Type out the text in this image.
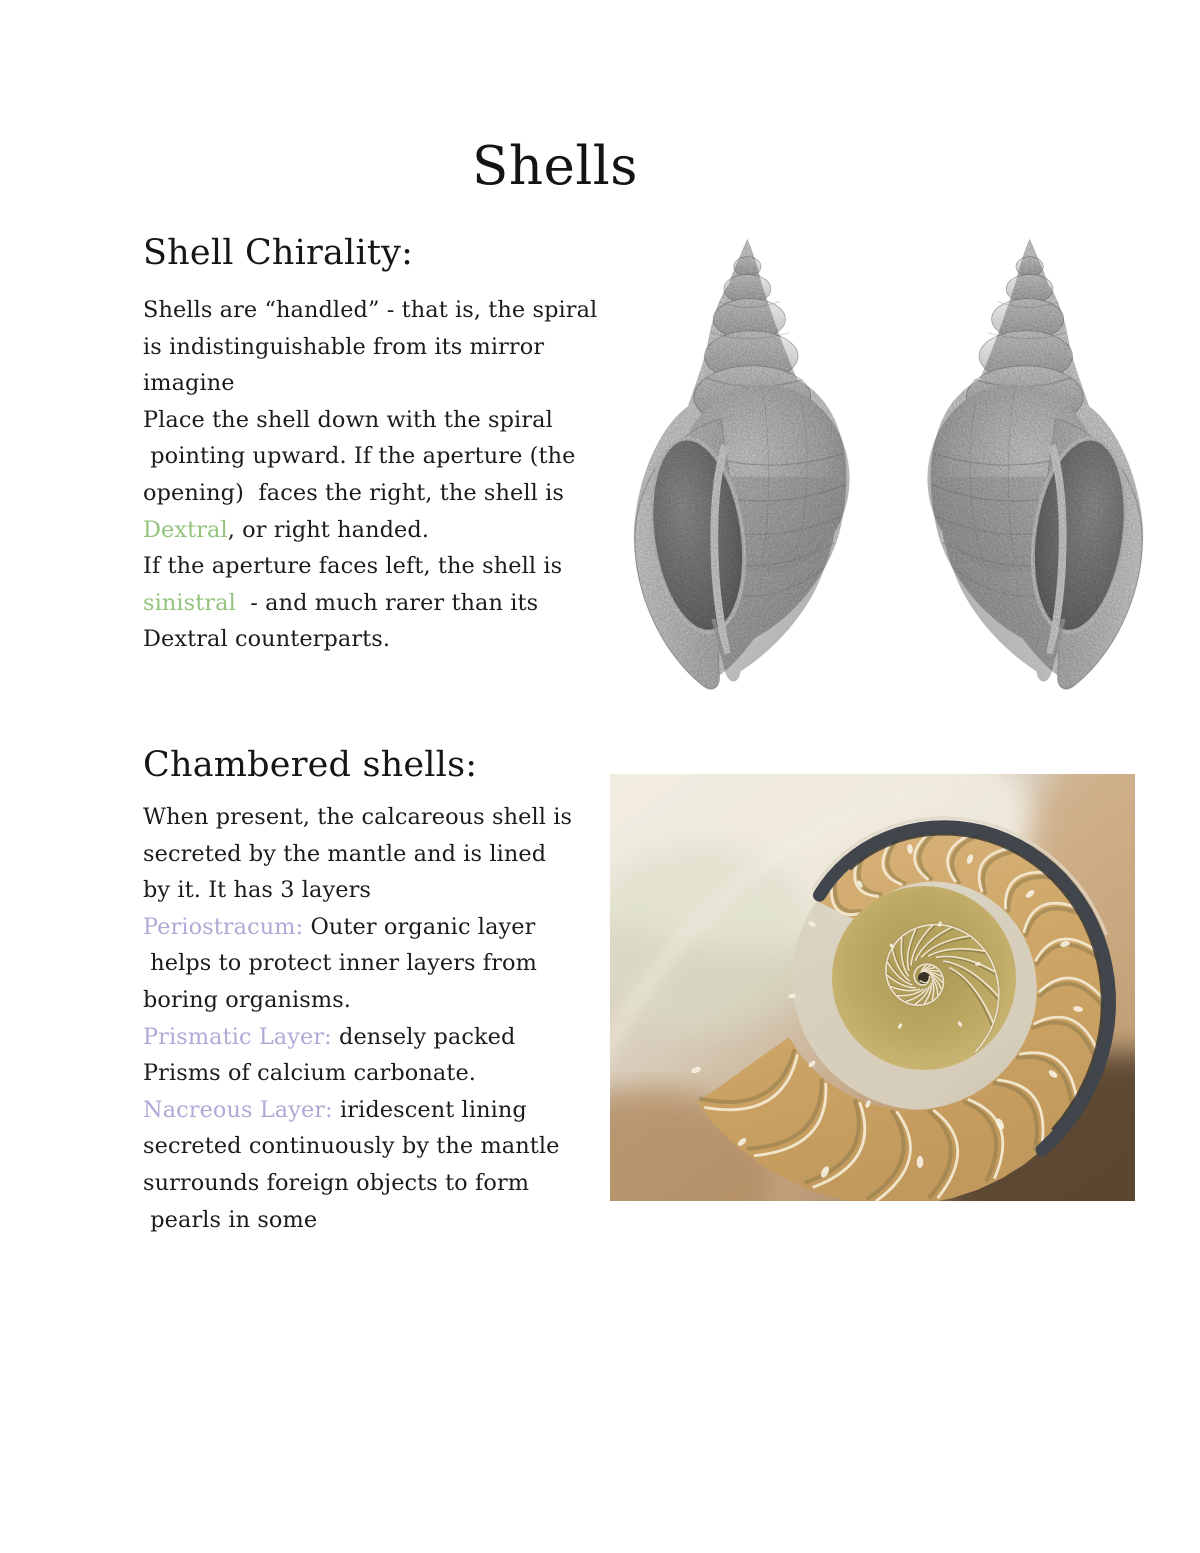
Shells
Shell Chirality:
Shells are “handled” - that is, the spiral
is indistinguishable from its mirror
imagine
Place the shell down with the spiral
pointing upward. If the aperture (the
opening)  faces the right, the shell is
Dextral, or right handed.
If the aperture faces left, the shell is
sinistral  - and much rarer than its
Dextral counterparts.
Chambered shells:
When present, the calcareous shell is
secreted by the mantle and is lined
by it. It has 3 layers
Periostracum: Outer organic layer
helps to protect inner layers from
boring organisms.
Prismatic Layer: densely packed
Prisms of calcium carbonate.
Nacreous Layer: iridescent lining
secreted continuously by the mantle
surrounds foreign objects to form
pearls in some
